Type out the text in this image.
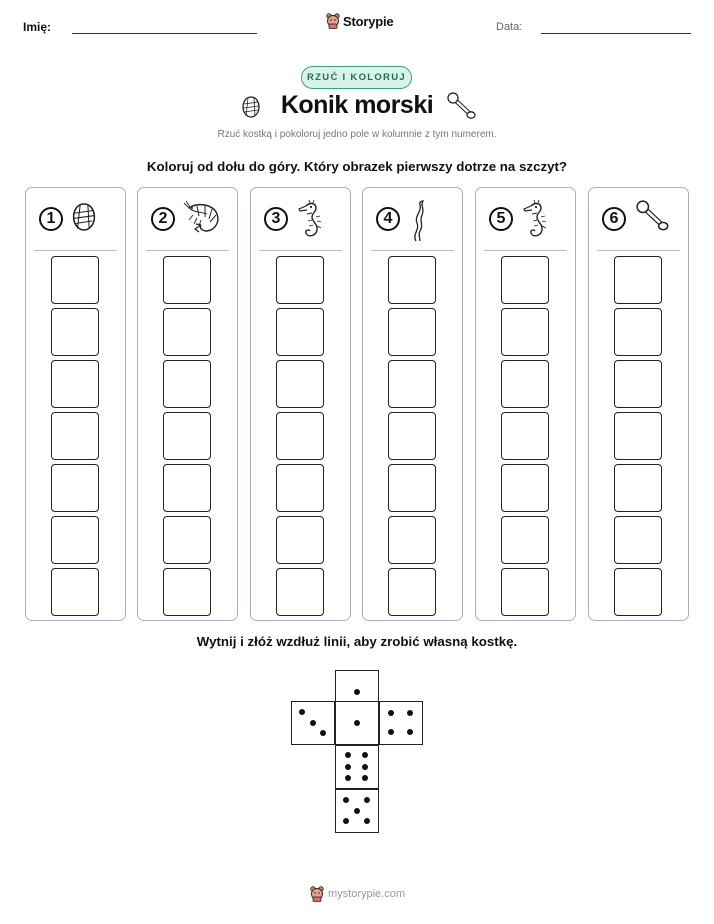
Imię:	Storypie	Data:
RZUĆ I KOLORUJ
Konik morski
Rzuć kostką i pokoloruj jedno pole w kolumnie z tym numerem.
Koloruj od dołu do góry. Który obrazek pierwszy dotrze na szczyt?
1	2	3	4	5	6
Wytnij i złóż wzdłuż linii, aby zrobić własną kostkę.
mystorypie.com
